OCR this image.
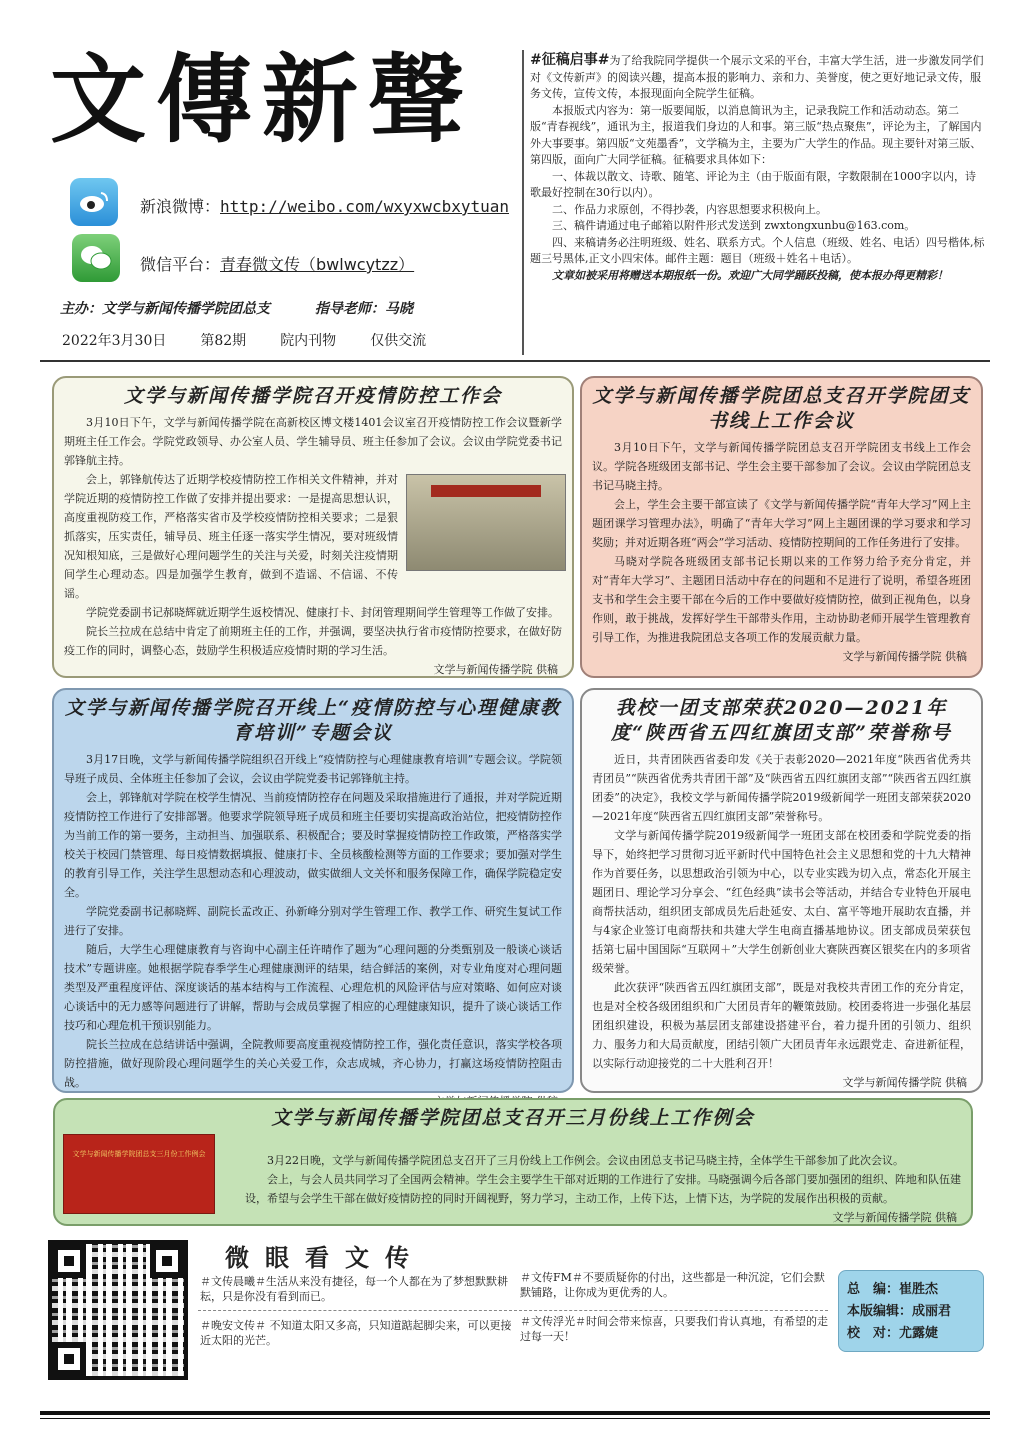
文傳新聲
新浪微博：http://weibo.com/wxyxwcbxytuan
微信平台：青春微文传（bwlwcytzz）
主办：文学与新闻传播学院团总支	指导老师：马晓
2022年3月30日 第82期 院内刊物 仅供交流

#征稿启事#为了给我院同学提供一个展示文采的平台，丰富大学生活，进一步激发同学们对《文传新声》的阅读兴趣，提高本报的影响力、亲和力、美誉度，使之更好地记录文传，服务文传，宣传文传，本报现面向全院学生征稿。

本报版式内容为：第一版要闻版，以消息简讯为主，记录我院工作和活动动态。第二版“青春视线”，通讯为主，报道我们身边的人和事。第三版“热点聚焦”，评论为主，了解国内外大事要事。第四版“文苑墨香”，文学稿为主，主要为广大学生的作品。现主要针对第三版、第四版，面向广大同学征稿。征稿要求具体如下：

一、体裁以散文、诗歌、随笔、评论为主（由于版面有限，字数限制在1000字以内，诗歌最好控制在30行以内）。

二、作品力求原创，不得抄袭，内容思想要求积极向上。

三、稿件请通过电子邮箱以附件形式发送到 zwxtongxunbu@163.com。

四、来稿请务必注明班级、姓名、联系方式。个人信息（班级、姓名、电话）四号楷体,标题三号黑体,正文小四宋体。邮件主题：题目（班级＋姓名＋电话）。

文章如被采用将赠送本期报纸一份。欢迎广大同学踊跃投稿，使本报办得更精彩！

文学与新闻传播学院召开疫情防控工作会

3月10日下午，文学与新闻传播学院在高新校区博文楼1401会议室召开疫情防控工作会议暨新学期班主任工作会。学院党政领导、办公室人员、学生辅导员、班主任参加了会议。会议由学院党委书记郭锋航主持。

会上，郭锋航传达了近期学校疫情防控工作相关文件精神，并对学院近期的疫情防控工作做了安排并提出要求：一是提高思想认识，高度重视防疫工作，严格落实省市及学校疫情防控相关要求；二是狠抓落实，压实责任，辅导员、班主任逐一落实学生情况，要对班级情况知根知底，三是做好心理问题学生的关注与关爱，时刻关注疫情期间学生心理动态。四是加强学生教育，做到不造谣、不信谣、不传谣。

学院党委副书记郝晓辉就近期学生返校情况、健康打卡、封闭管理期间学生管理等工作做了安排。

院长兰拉成在总结中肯定了前期班主任的工作，并强调，要坚决执行省市疫情防控要求，在做好防疫工作的同时，调整心态，鼓励学生积极适应疫情时期的学习生活。

文学与新闻传播学院 供稿

文学与新闻传播学院团总支召开学院团支书线上工作会议

3月10日下午，文学与新闻传播学院团总支召开学院团支书线上工作会议。学院各班级团支部书记、学生会主要干部参加了会议。会议由学院团总支书记马晓主持。

会上，学生会主要干部宣读了《文学与新闻传播学院“青年大学习”网上主题团课学习管理办法》，明确了“青年大学习”网上主题团课的学习要求和学习奖励；并对近期各班“两会”学习活动、疫情防控期间的工作任务进行了安排。

马晓对学院各班级团支部书记长期以来的工作努力给予充分肯定，并对“青年大学习”、主题团日活动中存在的问题和不足进行了说明，希望各班团支书和学生会主要干部在今后的工作中要做好疫情防控，做到正视角色，以身作则，敢于挑战，发挥好学生干部带头作用，主动协助老师开展学生管理教育引导工作，为推进我院团总支各项工作的发展贡献力量。

文学与新闻传播学院 供稿

文学与新闻传播学院召开线上“疫情防控与心理健康教育培训”专题会议

3月17日晚，文学与新闻传播学院组织召开线上“疫情防控与心理健康教育培训”专题会议。学院领导班子成员、全体班主任参加了会议，会议由学院党委书记郭锋航主持。

会上，郭锋航对学院在校学生情况、当前疫情防控存在问题及采取措施进行了通报，并对学院近期疫情防控工作进行了安排部署。他要求学院领导班子成员和班主任要切实提高政治站位，把疫情防控作为当前工作的第一要务，主动担当、加强联系、积极配合；要及时掌握疫情防控工作政策，严格落实学校关于校园门禁管理、每日疫情数据填报、健康打卡、全员核酸检测等方面的工作要求；要加强对学生的教育引导工作，关注学生思想动态和心理波动，做实做细人文关怀和服务保障工作，确保学院稳定安全。

学院党委副书记郝晓辉、副院长孟改正、孙新峰分别对学生管理工作、教学工作、研究生复试工作进行了安排。

随后，大学生心理健康教育与咨询中心副主任许晴作了题为“心理问题的分类甄别及一般谈心谈话技术”专题讲座。她根据学院春季学生心理健康测评的结果，结合鲜活的案例，对专业角度对心理问题类型及严重程度评估、深度谈话的基本结构与工作流程、心理危机的风险评估与应对策略、如何应对谈心谈话中的无力感等问题进行了讲解，帮助与会成员掌握了相应的心理健康知识，提升了谈心谈话工作技巧和心理危机干预识别能力。

院长兰拉成在总结讲话中强调，全院教师要高度重视疫情防控工作，强化责任意识，落实学校各项防控措施，做好现阶段心理问题学生的关心关爱工作，众志成城，齐心协力，打赢这场疫情防控阻击战。

我校一团支部荣获2020—2021年度“陕西省五四红旗团支部”荣誉称号

近日，共青团陕西省委印发《关于表彰2020—2021年度“陕西省优秀共青团员”“陕西省优秀共青团干部”及“陕西省五四红旗团支部”“陕西省五四红旗团委”的决定》，我校文学与新闻传播学院2019级新闻学一班团支部荣获2020—2021年度“陕西省五四红旗团支部”荣誉称号。

文学与新闻传播学院2019级新闻学一班团支部在校团委和学院党委的指导下，始终把学习贯彻习近平新时代中国特色社会主义思想和党的十九大精神作为首要任务，以思想政治引领为中心，以专业实践为切入点，常态化开展主题团日、理论学习分享会、“红色经典”读书会等活动，并结合专业特色开展电商帮扶活动，组织团支部成员先后赴延安、太白、富平等地开展助农直播，并与4家企业签订电商帮扶和共建大学生电商直播基地协议。团支部成员荣获包括第七届中国国际“互联网＋”大学生创新创业大赛陕西赛区银奖在内的多项省级荣誉。

此次获评“陕西省五四红旗团支部”，既是对我校共青团工作的充分肯定，也是对全校各级团组织和广大团员青年的鞭策鼓励。校团委将进一步强化基层团组织建设，积极为基层团支部建设搭建平台，着力提升团的引领力、组织力、服务力和大局贡献度，团结引领广大团员青年永远跟党走、奋进新征程，以实际行动迎接党的二十大胜利召开！

文学与新闻传播学院 供稿

文学与新闻传播学院团总支召开三月份线上工作例会

3月22日晚，文学与新闻传播学院团总支召开了三月份线上工作例会。会议由团总支书记马晓主持，全体学生干部参加了此次会议。

会上，与会人员共同学习了全国两会精神。学生会主要学生干部对近期的工作进行了安排。马晓强调今后各部门要加强团的组织、阵地和队伍建设，希望与会学生干部在做好疫情防控的同时开阔视野，努力学习，主动工作，上传下达，上情下达，为学院的发展作出积极的贡献。

文学与新闻传播学院 供稿

文学与新闻传播学院团总支三月份工作例会
微眼看文传
＃文传晨曦＃生活从来没有捷径，每一个人都在为了梦想默默耕耘，只是你没有看到而已。
＃文传FM＃不要质疑你的付出，这些都是一种沉淀，它们会默默铺路，让你成为更优秀的人。
＃晚安文传＃ 不知道太阳又多高，只知道踮起脚尖来，可以更接近太阳的光芒。
＃文传浮光＃时间会带来惊喜，只要我们肯认真地，有希望的走过每一天！
总　编：崔胜杰
本版编辑：成丽君
校　对：尤露婕
